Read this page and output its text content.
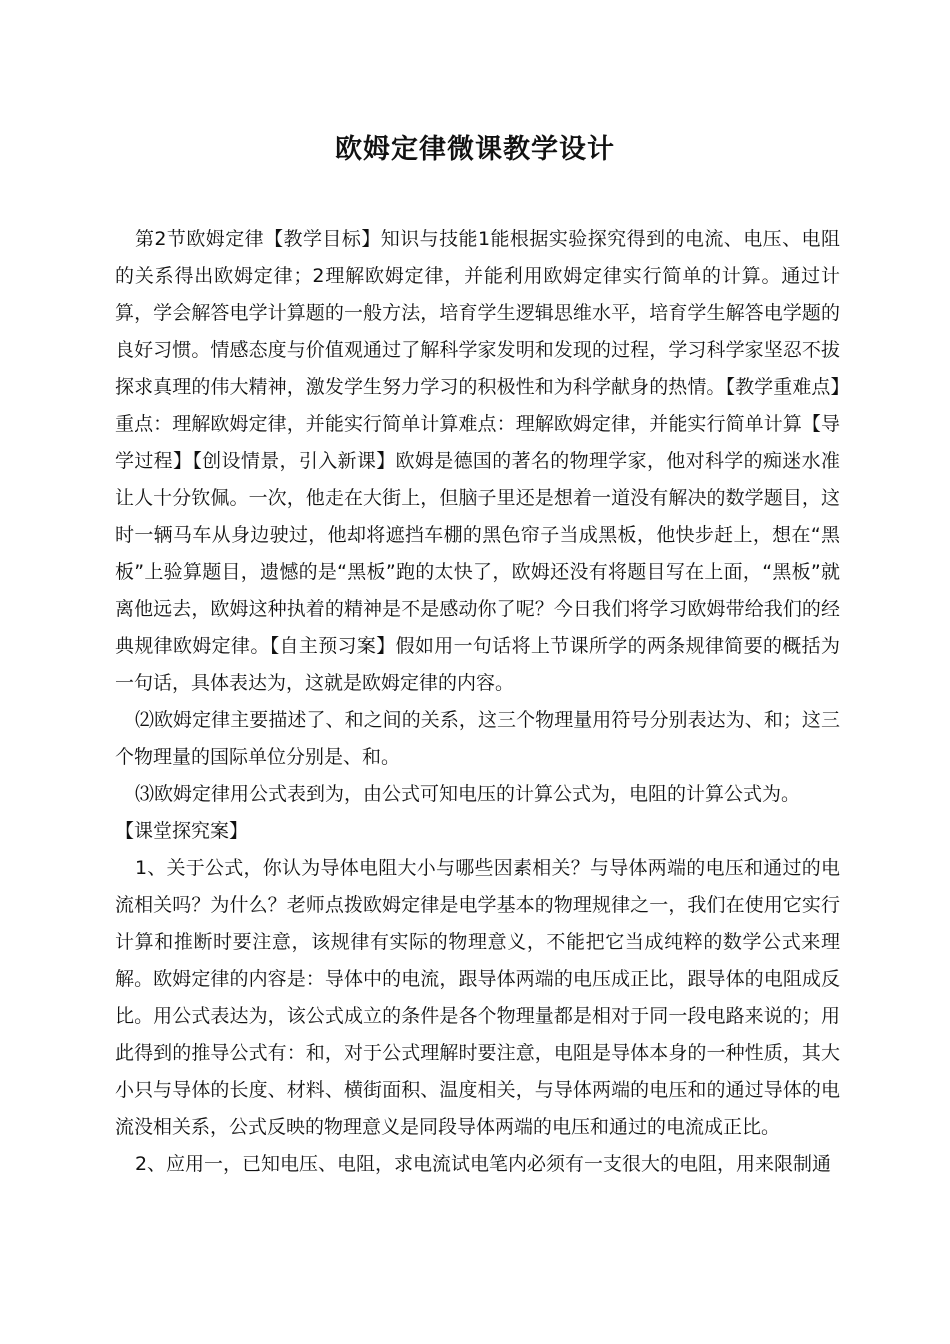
欧姆定律微课教学设计

第2节欧姆定律【教学目标】知识与技能1能根据实验探究得到的电流、电压、电阻的关系得出欧姆定律；2理解欧姆定律，并能利用欧姆定律实行简单的计算。通过计算，学会解答电学计算题的一般方法，培育学生逻辑思维水平，培育学生解答电学题的良好习惯。情感态度与价值观通过了解科学家发明和发现的过程，学习科学家坚忍不拔探求真理的伟大精神，激发学生努力学习的积极性和为科学献身的热情。【教学重难点】重点：理解欧姆定律，并能实行简单计算难点：理解欧姆定律，并能实行简单计算【导学过程】【创设情景，引入新课】欧姆是德国的著名的物理学家，他对科学的痴迷水准让人十分钦佩。一次，他走在大街上，但脑子里还是想着一道没有解决的数学题目，这时一辆马车从身边驶过，他却将遮挡车棚的黑色帘子当成黑板，他快步赶上，想在“黑板”上验算题目，遗憾的是“黑板”跑的太快了，欧姆还没有将题目写在上面，“黑板”就离他远去，欧姆这种执着的精神是不是感动你了呢？今日我们将学习欧姆带给我们的经典规律欧姆定律。【自主预习案】假如用一句话将上节课所学的两条规律简要的概括为一句话，具体表达为，这就是欧姆定律的内容。

⑵欧姆定律主要描述了、和之间的关系，这三个物理量用符号分别表达为、和；这三个物理量的国际单位分别是、和。

⑶欧姆定律用公式表到为，由公式可知电压的计算公式为，电阻的计算公式为。

【课堂探究案】

1、关于公式，你认为导体电阻大小与哪些因素相关？与导体两端的电压和通过的电流相关吗？为什么？老师点拨欧姆定律是电学基本的物理规律之一，我们在使用它实行计算和推断时要注意，该规律有实际的物理意义，不能把它当成纯粹的数学公式来理解。欧姆定律的内容是：导体中的电流，跟导体两端的电压成正比，跟导体的电阻成反比。用公式表达为，该公式成立的条件是各个物理量都是相对于同一段电路来说的；用此得到的推导公式有：和，对于公式理解时要注意，电阻是导体本身的一种性质，其大小只与导体的长度、材料、横街面积、温度相关，与导体两端的电压和的通过导体的电流没相关系，公式反映的物理意义是同段导体两端的电压和通过的电流成正比。

2、应用一，已知电压、电阻，求电流试电笔内必须有一支很大的电阻，用来限制通
